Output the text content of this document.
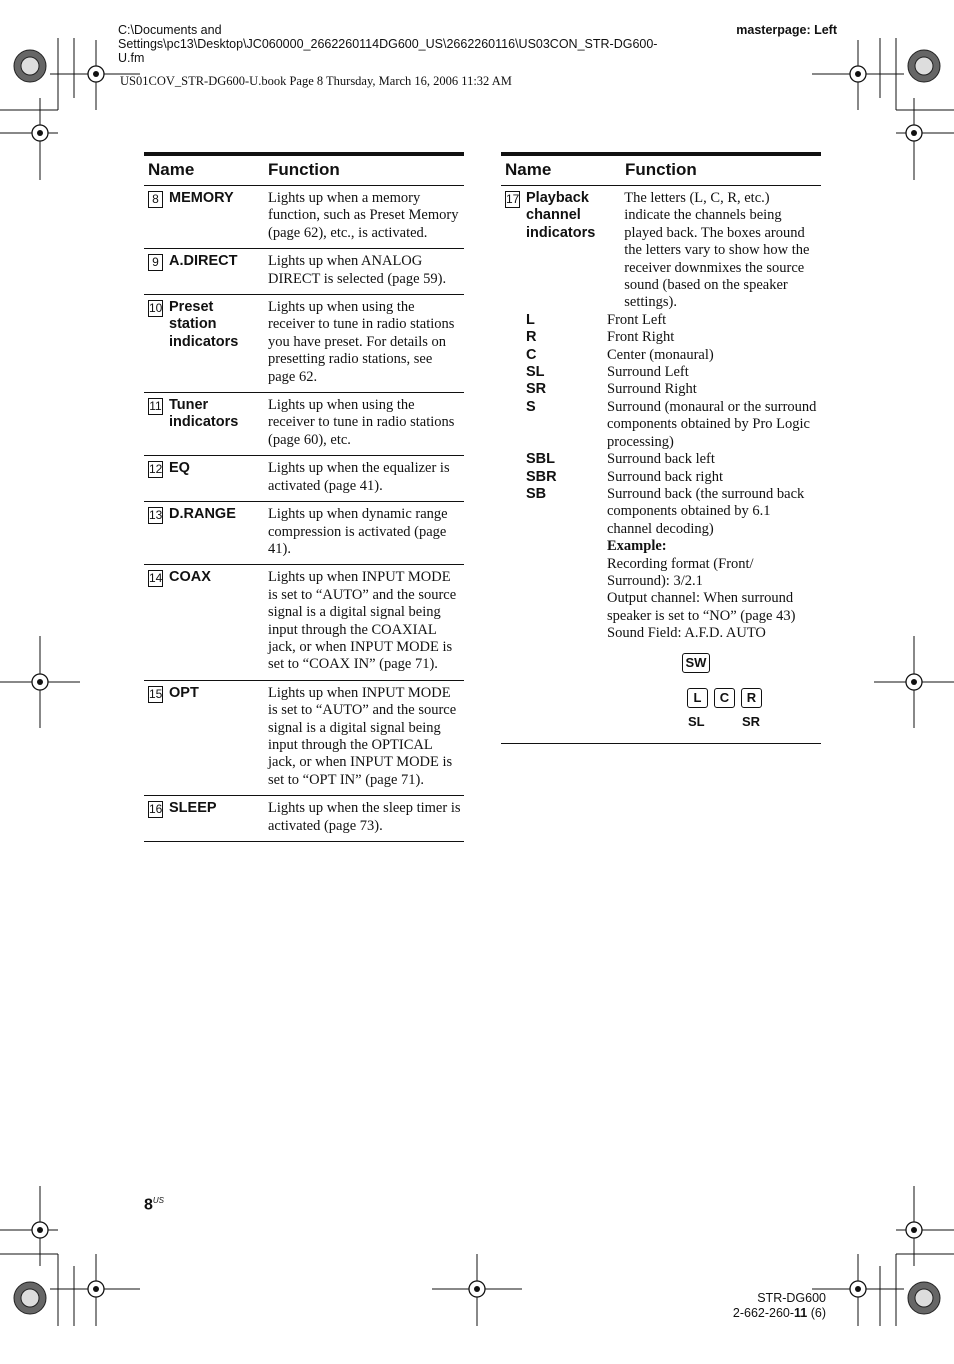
C:\Documents and
Settings\pc13\Desktop\JC060000_2662260114DG600_US\2662260116\US03CON_STR-DG600-
U.fm
masterpage: Left
US01COV_STR-DG600-U.book Page 8 Thursday, March 16, 2006 11:32 AM
Name	Function

8 MEMORY	Lights up when a memory function, such as Preset Memory (page 62), etc., is activated.

9 A.DIRECT	Lights up when ANALOG DIRECT is selected (page 59).

10 Preset station indicators	Lights up when using the receiver to tune in radio stations you have preset. For details on presetting radio stations, see page 62.

11 Tuner indicators	Lights up when using the receiver to tune in radio stations (page 60), etc.

12 EQ	Lights up when the equalizer is activated (page 41).

13 D.RANGE	Lights up when dynamic range compression is activated (page 41).

14 COAX	Lights up when INPUT MODE is set to “AUTO” and the source signal is a digital signal being input through the COAXIAL jack, or when INPUT MODE is set to “COAX IN” (page 71).

15 OPT	Lights up when INPUT MODE is set to “AUTO” and the source signal is a digital signal being input through the OPTICAL jack, or when INPUT MODE is set to “OPT IN” (page 71).

16 SLEEP	Lights up when the sleep timer is activated (page 73).
Name	Function

17 Playback channel indicators
The letters (L, C, R, etc.) indicate the channels being played back. The boxes around the letters vary to show how the receiver downmixes the source sound (based on the speaker settings).
L	Front Left
R	Front Right
C	Center (monaural)
SL	Surround Left
SR	Surround Right
S	Surround (monaural or the surround components obtained by Pro Logic processing)
SBL	Surround back left
SBR	Surround back right
SB	Surround back (the surround back components obtained by 6.1 channel decoding)
Example:
Recording format (Front/ Surround): 3/2.1
Output channel: When surround speaker is set to “NO” (page 43)
Sound Field: A.F.D. AUTO
SW
L	C	R
SL	SR
$8^{US}$
STR-DG600
2-662-260-11 (6)
